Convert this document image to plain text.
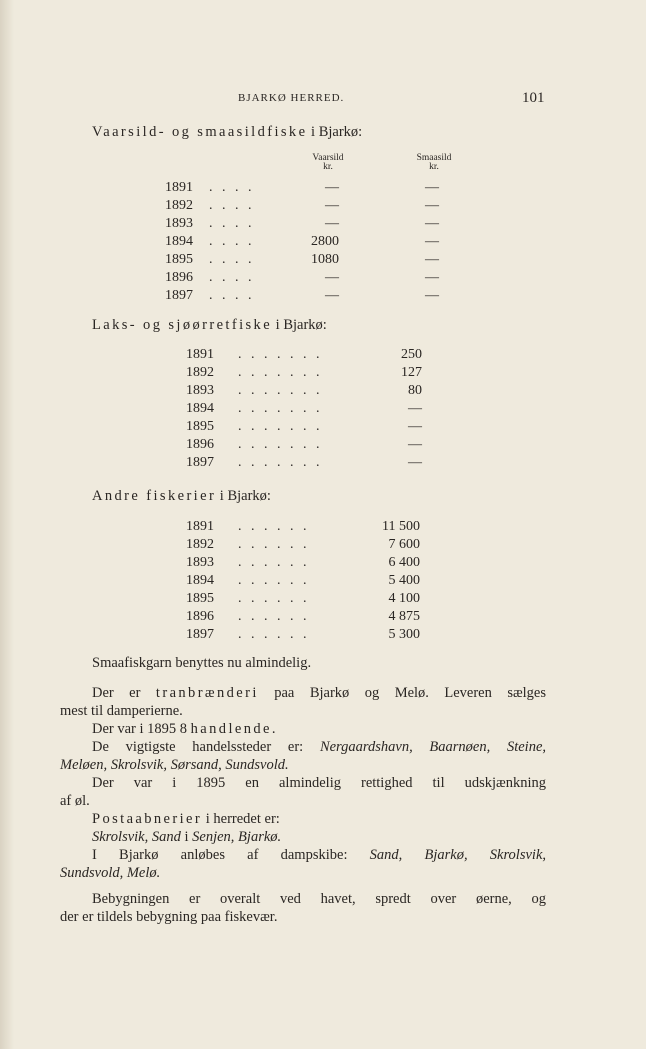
BJARKØ HERRED.	101
Vaarsild- og smaasildfiske i Bjarkø:
Vaarsild
kr.
Smaasild
kr.
1891 . . . .	—	—
1892 . . . .	—	—
1893 . . . .	—	—
1894 . . . .	2800	—
1895 . . . .	1080	—
1896 . . . .	—	—
1897 . . . .	—	—
Laks- og sjøørretfiske i Bjarkø:
1891 . . . . . . .	250
1892 . . . . . . .	127
1893 . . . . . . .	80
1894 . . . . . . .	—
1895 . . . . . . .	—
1896 . . . . . . .	—
1897 . . . . . . .	—
Andre fiskerier i Bjarkø:
1891 . . . . . .	11 500
1892 . . . . . .	7 600
1893 . . . . . .	6 400
1894 . . . . . .	5 400
1895 . . . . . .	4 100
1896 . . . . . .	4 875
1897 . . . . . .	5 300
Smaafiskgarn benyttes nu almindelig.
Der er tranbrænderi paa Bjarkø og Melø. Leveren sælges
mest til damperierne.
Der var i 1895 8 handlende.
De vigtigste handelssteder er: Nergaardshavn, Baarnøen, Steine,
Meløen, Skrolsvik, Sørsand, Sundsvold.
Der var i 1895 en almindelig rettighed til udskjænkning
af øl.
Postaabnerier i herredet er:
Skrolsvik, Sand i Senjen, Bjarkø.
I Bjarkø anløbes af dampskibe: Sand, Bjarkø, Skrolsvik,
Sundsvold, Melø.
Bebygningen er overalt ved havet, spredt over øerne, og
der er tildels bebygning paa fiskevær.
